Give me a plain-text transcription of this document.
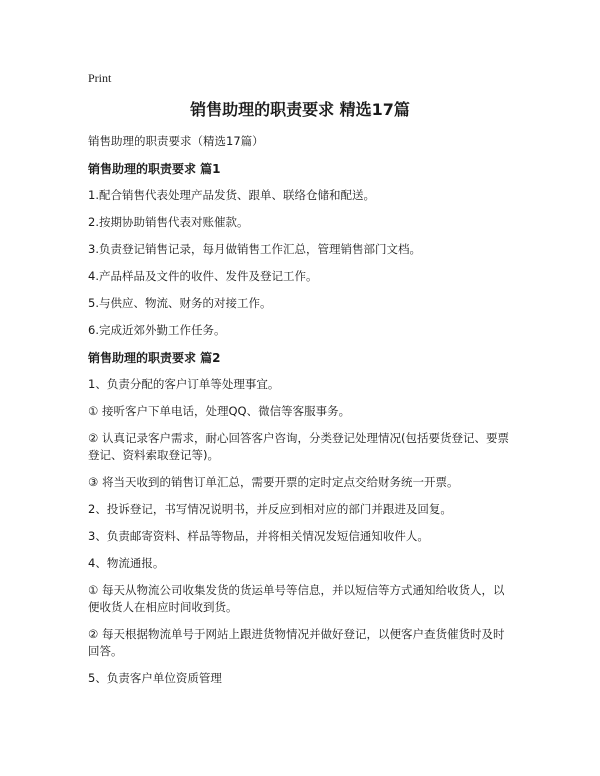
Print
销售助理的职责要求 精选17篇
销售助理的职责要求（精选17篇）
销售助理的职责要求 篇1
1.配合销售代表处理产品发货、跟单、联络仓储和配送。
2.按期协助销售代表对账催款。
3.负责登记销售记录，每月做销售工作汇总，管理销售部门文档。
4.产品样品及文件的收件、发件及登记工作。
5.与供应、物流、财务的对接工作。
6.完成近郊外勤工作任务。
销售助理的职责要求 篇2
1、负责分配的客户订单等处理事宜。
① 接听客户下单电话，处理QQ、微信等客服事务。
② 认真记录客户需求，耐心回答客户咨询，分类登记处理情况(包括要货登记、要票登记、资料索取登记等)。
③ 将当天收到的销售订单汇总，需要开票的定时定点交给财务统一开票。
2、投诉登记，书写情况说明书，并反应到相对应的部门并跟进及回复。
3、负责邮寄资料、样品等物品，并将相关情况发短信通知收件人。
4、物流通报。
① 每天从物流公司收集发货的货运单号等信息，并以短信等方式通知给收货人，以便收货人在相应时间收到货。
② 每天根据物流单号于网站上跟进货物情况并做好登记，以便客户查货催货时及时回答。
5、负责客户单位资质管理
